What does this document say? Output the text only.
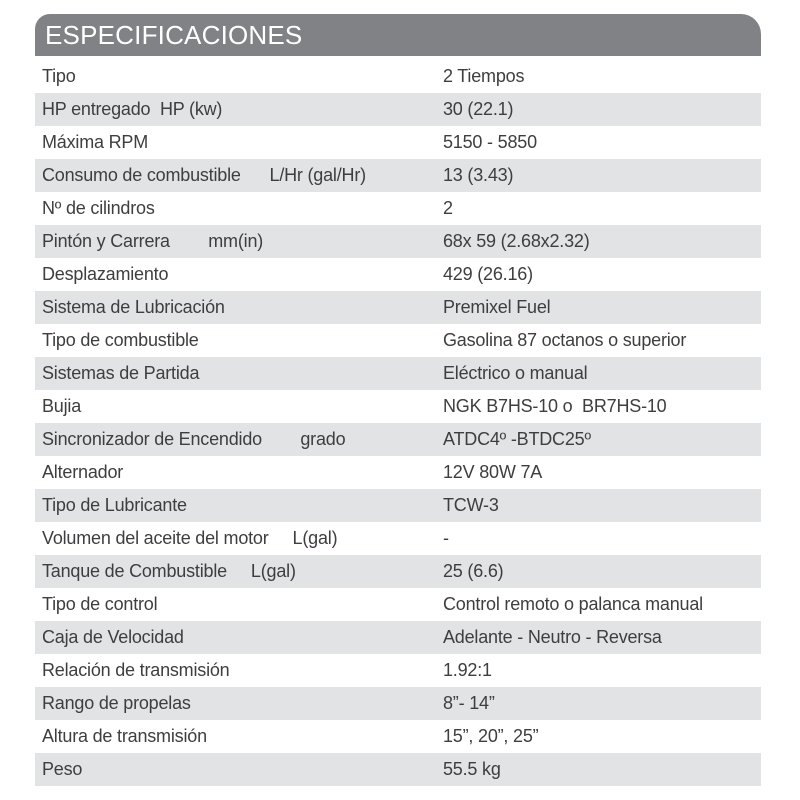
ESPECIFICACIONES
Tipo	2 Tiempos
HP entregado  HP (kw)	30 (22.1)
Máxima RPM	5150 - 5850
Consumo de combustible      L/Hr (gal/Hr)	13 (3.43)
Nº de cilindros	2
Pintón y Carrera        mm(in)	68x 59 (2.68x2.32)
Desplazamiento	429 (26.16)
Sistema de Lubricación	Premixel Fuel
Tipo de combustible	Gasolina 87 octanos o superior
Sistemas de Partida	Eléctrico o manual
Bujia	NGK B7HS-10 o  BR7HS-10
Sincronizador de Encendido        grado	ATDC4º -BTDC25º
Alternador	12V 80W 7A
Tipo de Lubricante	TCW-3
Volumen del aceite del motor     L(gal)	-
Tanque de Combustible     L(gal)	25 (6.6)
Tipo de control	Control remoto o palanca manual
Caja de Velocidad	Adelante - Neutro - Reversa
Relación de transmisión	1.92:1
Rango de propelas	8”- 14”
Altura de transmisión	15”, 20”, 25”
Peso	55.5 kg
